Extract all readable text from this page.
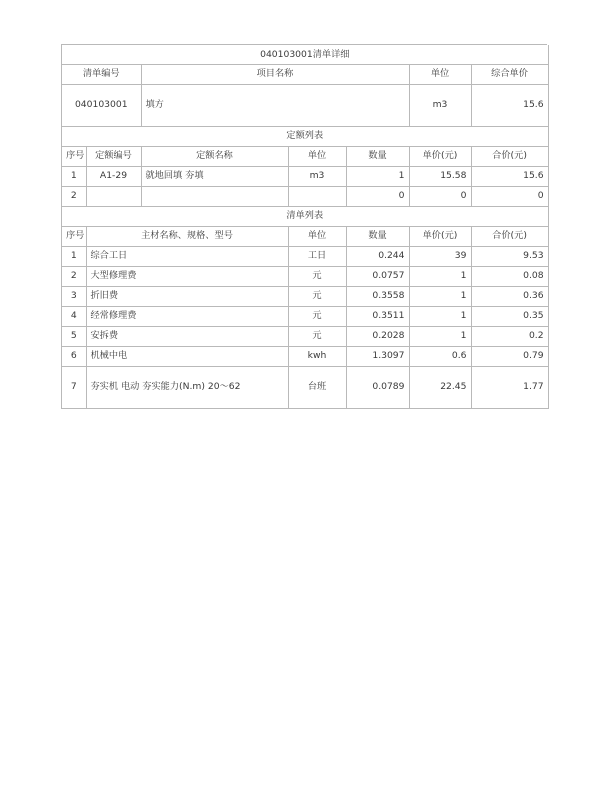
040103001清单详细						
清单编号		项目名称			单位	综合单价
040103001		填方			m3	15.6
定额列表						
序号	定额编号	定额名称	单位	数量	单价(元)	合价(元)
1	A1-29	就地回填 夯填	m3	1	15.58	15.6
2				0	0	0
清单列表						
序号	主材名称、规格、型号		单位	数量	单价(元)	合价(元)
1	综合工日		工日	0.244	39	9.53
2	大型修理费		元	0.0757	1	0.08
3	折旧费		元	0.3558	1	0.36
4	经常修理费		元	0.3511	1	0.35
5	安拆费		元	0.2028	1	0.2
6	机械中电		kwh	1.3097	0.6	0.79
7	夯实机 电动 夯实能力(N.m) 20〜62		台班	0.0789	22.45	1.77
